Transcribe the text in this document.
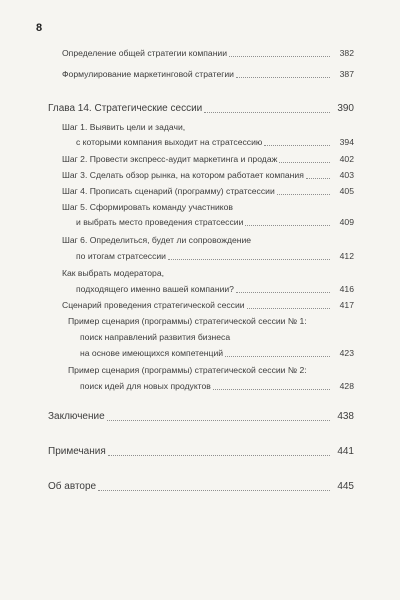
8
Определение общей стратегии компании	382
Формулирование маркетинговой стратегии	387
Глава 14. Стратегические сессии	390
Шаг 1. Выявить цели и задачи,
с которыми компания выходит на стратсессию	394
Шаг 2. Провести экспресс-аудит маркетинга и продаж	402
Шаг 3. Сделать обзор рынка, на котором работает компания	403
Шаг 4. Прописать сценарий (программу) стратсессии	405
Шаг 5. Сформировать команду участников
и выбрать место проведения стратсессии	409
Шаг 6. Определиться, будет ли сопровождение
по итогам стратсессии	412
Как выбрать модератора,
подходящего именно вашей компании?	416
Сценарий проведения стратегической сессии	417
Пример сценария (программы) стратегической сессии № 1:
поиск направлений развития бизнеса
на основе имеющихся компетенций	423
Пример сценария (программы) стратегической сессии № 2:
поиск идей для новых продуктов	428
Заключение	438
Примечания	441
Об авторе	445
